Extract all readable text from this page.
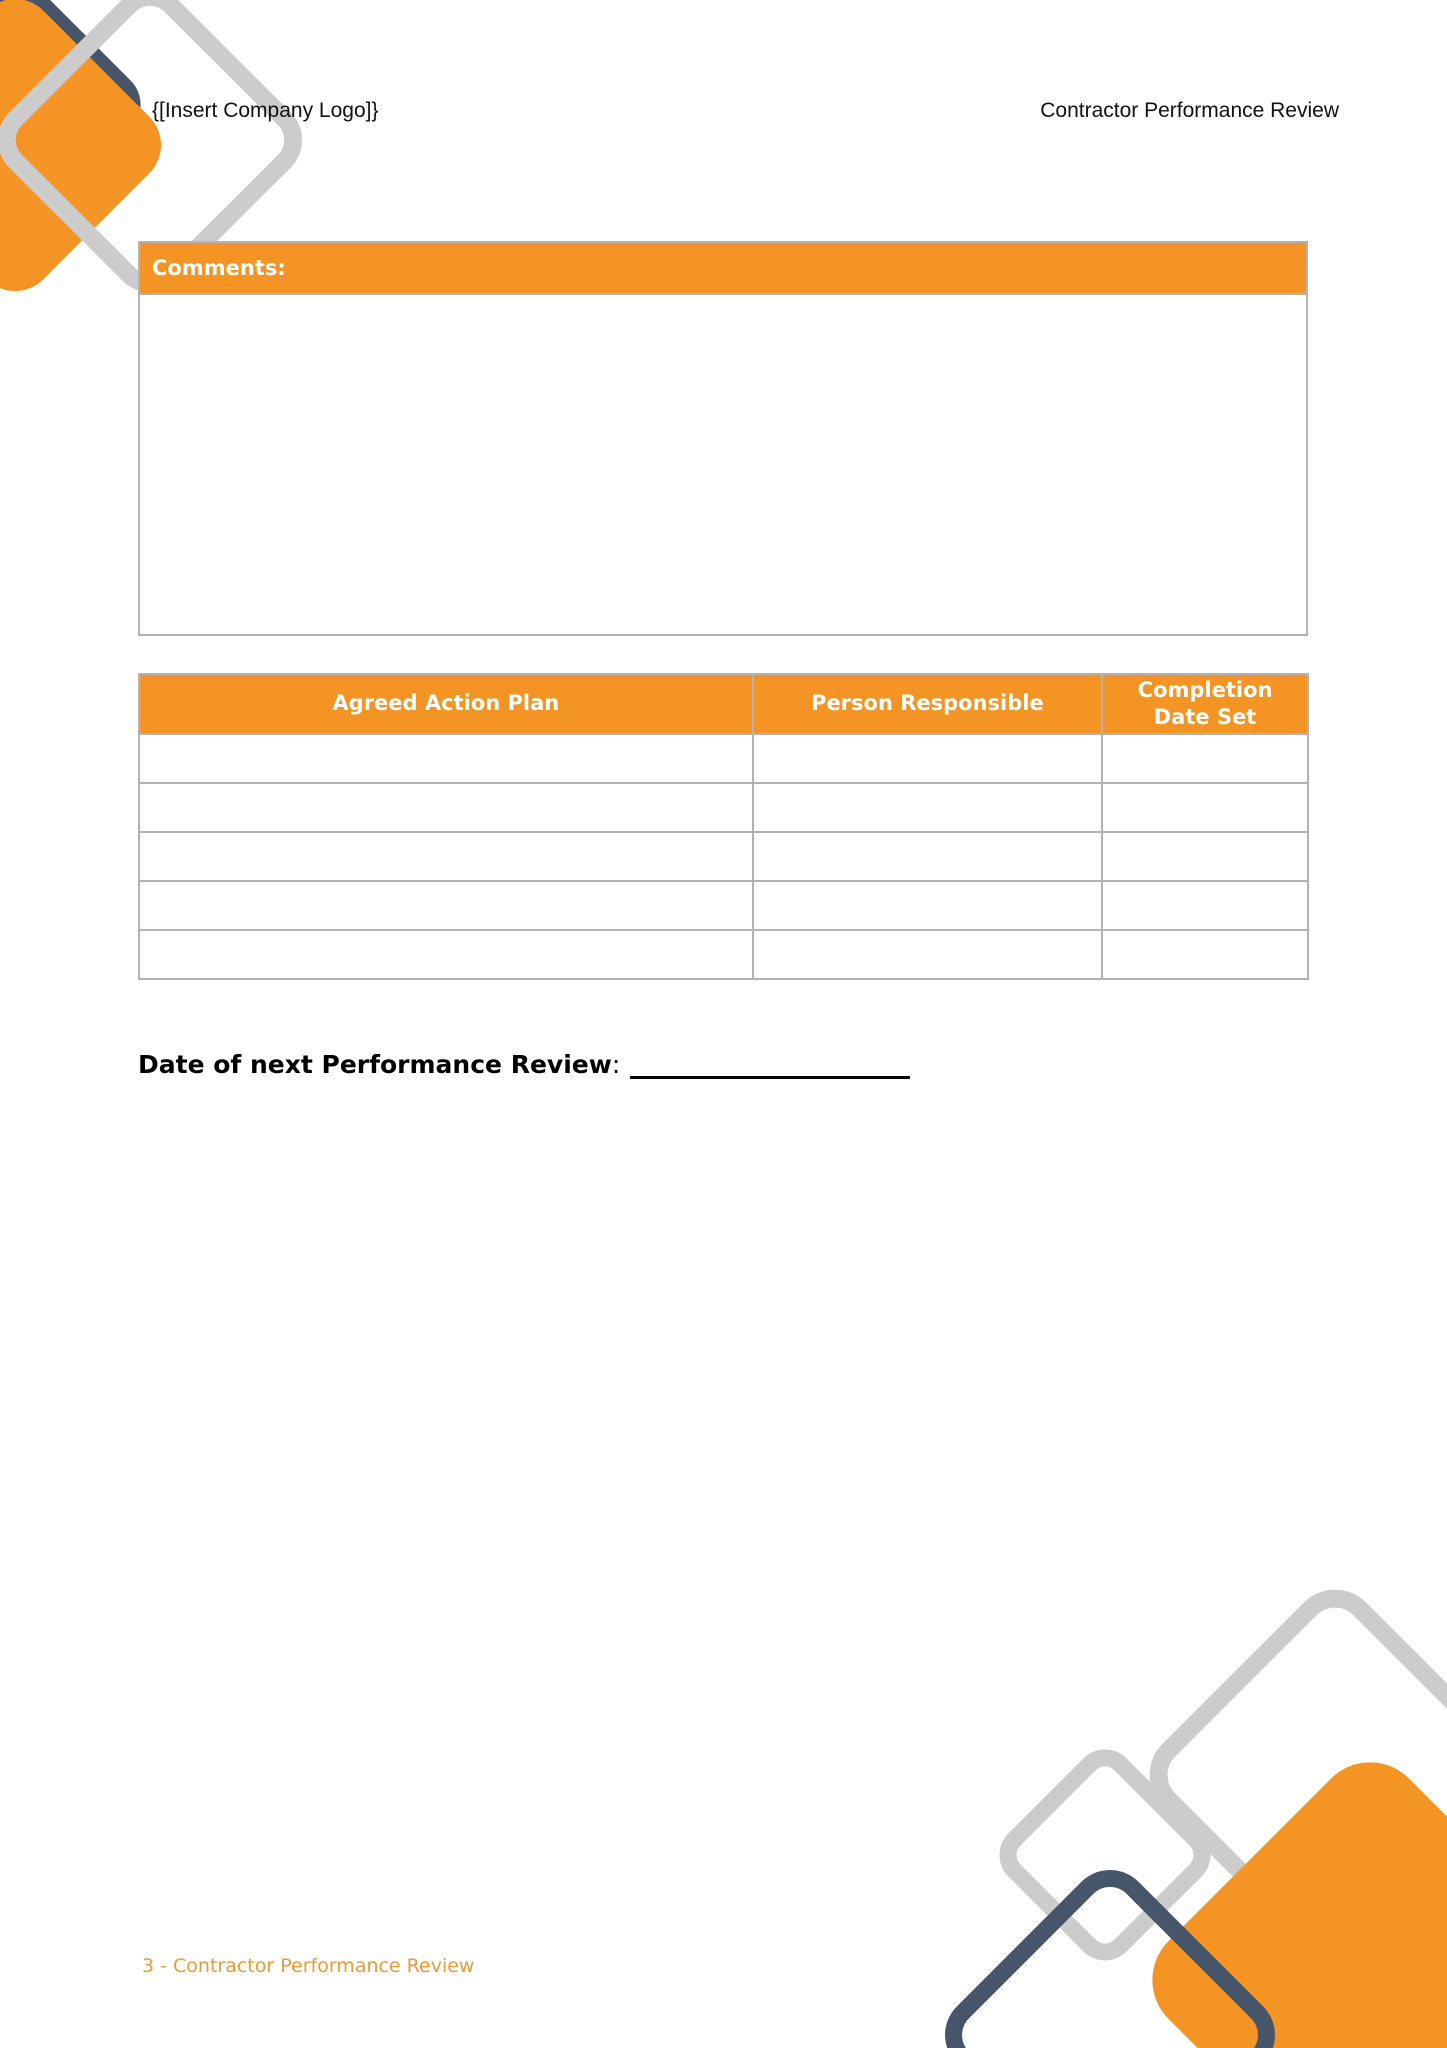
{[Insert Company Logo]}	Contractor Performance Review
Comments:
Agreed Action Plan	Person Responsible	Completion Date Set

Date of next Performance Review :
3 - Contractor Performance Review
